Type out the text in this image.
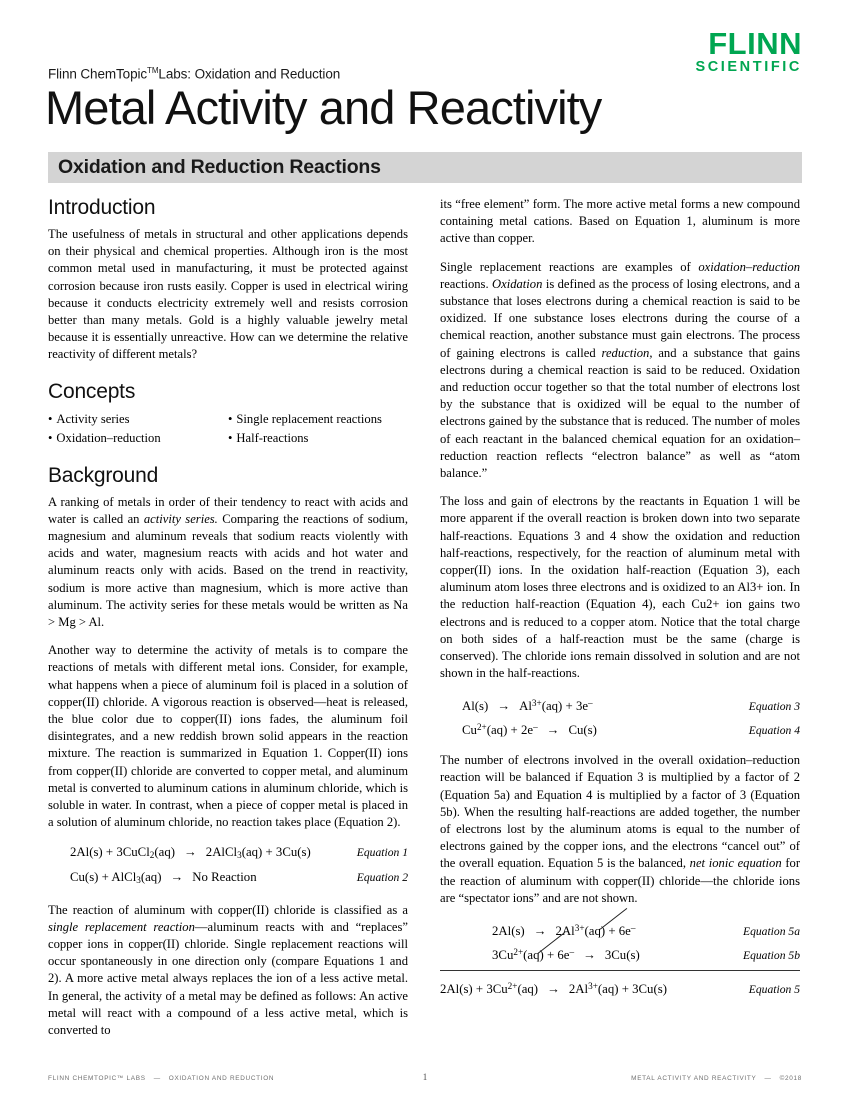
FLINN
SCIENTIFIC
Flinn ChemTopic™Labs: Oxidation and Reduction
Metal Activity and Reactivity
Oxidation and Reduction Reactions
Introduction

The usefulness of metals in structural and other applications depends on their physical and chemical properties. Although iron is the most common metal used in manufacturing, it must be protected against corrosion because iron rusts easily. Copper is used in electrical wiring because it conducts electricity extremely well and resists corrosion better than many metals. Gold is a highly valuable jewelry metal because it is essentially unreactive. How can we determine the relative reactivity of different metals?

Concepts
• Activity series
• Oxidation–reduction
• Single replacement reactions
• Half-reactions
Background

A ranking of metals in order of their tendency to react with acids and water is called an activity series. Comparing the reactions of sodium, magnesium and aluminum reveals that sodium reacts violently with acids and water, magnesium reacts with acids and hot water and aluminum reacts only with acids. Based on the trend in reactivity, sodium is more active than magnesium, which is more active than aluminum. The activity series for these metals would be written as Na > Mg > Al.

Another way to determine the activity of metals is to compare the reactions of metals with different metal ions. Consider, for example, what happens when a piece of aluminum foil is placed in a solution of copper(II) chloride. A vigorous reaction is observed—heat is released, the blue color due to copper(II) ions fades, the aluminum foil disintegrates, and a new reddish brown solid appears in the reaction mixture. The reaction is summarized in Equation 1. Copper(II) ions from copper(II) chloride are converted to copper metal, and aluminum metal is converted to aluminum cations in aluminum chloride, which is soluble in water. In contrast, when a piece of copper metal is placed in a solution of aluminum chloride, no reaction takes place (Equation 2).

2Al(s) + 3CuCl$_2$(aq) → 2AlCl$_3$(aq) + 3Cu(s)	Equation 1
Cu(s) + AlCl$_3$(aq) → No Reaction	Equation 2

The reaction of aluminum with copper(II) chloride is classified as a single replacement reaction—aluminum reacts with and “replaces” copper ions in copper(II) chloride. Single replacement reactions will occur spontaneously in one direction only (compare Equations 1 and 2). A more active metal always replaces the ion of a less active metal. In general, the activity of a metal may be defined as follows: An active metal will react with a compound of a less active metal, which is converted to

its “free element” form. The more active metal forms a new compound containing metal cations. Based on Equation 1, aluminum is more active than copper.

Single replacement reactions are examples of oxidation–reduction reactions. Oxidation is defined as the process of losing electrons, and a substance that loses electrons during a chemical reaction is said to be oxidized. If one substance loses electrons during the course of a chemical reaction, another substance must gain electrons. The process of gaining electrons is called reduction, and a substance that gains electrons during a chemical reaction is said to be reduced. Oxidation and reduction occur together so that the total number of electrons lost by the substance that is oxidized will be equal to the number of electrons gained by the substance that is reduced. The number of moles of each reactant in the balanced chemical equation for an oxidation–reduction reaction reflects “electron balance” as well as “atom balance.”

The loss and gain of electrons by the reactants in Equation 1 will be more apparent if the overall reaction is broken down into two separate half-reactions. Equations 3 and 4 show the oxidation and reduction half-reactions, respectively, for the reaction of aluminum metal with copper(II) ions. In the oxidation half-reaction (Equation 3), each aluminum atom loses three electrons and is oxidized to an Al3+ ion. In the reduction half-reaction (Equation 4), each Cu2+ ion gains two electrons and is reduced to a copper atom. Notice that the total charge on both sides of a half-reaction must be the same (charge is conserved). The chloride ions remain dissolved in solution and are not shown in the half-reactions.

$Al(s) \to Al^{3+}(aq) + 3e^-$	Equation 3
$Cu^{2+}(aq) + 2e^- \to Cu(s)$	Equation 4

The number of electrons involved in the overall oxidation–reduction reaction will be balanced if Equation 3 is multiplied by a factor of 2 (Equation 5a) and Equation 4 is multiplied by a factor of 3 (Equation 5b). When the resulting half-reactions are added together, the number of electrons lost by the aluminum atoms is equal to the number of electrons gained by the copper ions, and the electrons “cancel out” of the overall equation. Equation 5 is the balanced, net ionic equation for the reaction of aluminum with copper(II) chloride—the chloride ions are “spectator ions” and are not shown.

$2Al(s) \to 2Al^{3+}(aq) + 6e^-$	Equation 5a
$3Cu^{2+}(aq) + 6e^- \to 3Cu(s)$	Equation 5b
$2Al(s) + 3Cu^{2+}(aq) \to 2Al^{3+}(aq) + 3Cu(s)$	Equation 5
FLINN CHEMTOPIC™ LABS — OXIDATION AND REDUCTION	1	METAL ACTIVITY AND REACTIVITY — ©2018
